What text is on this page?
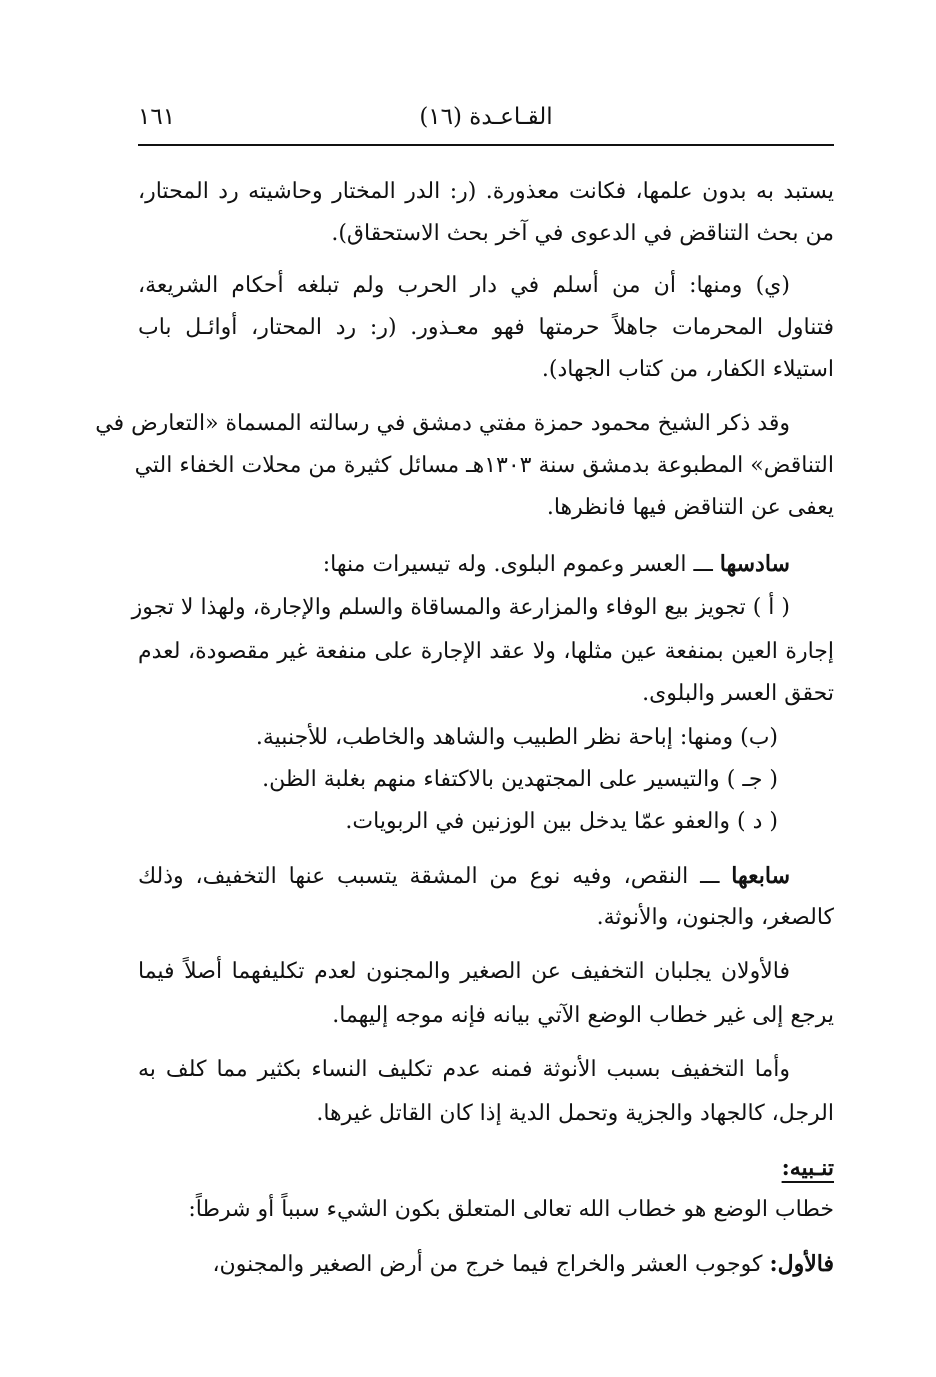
القـاعـدة (١٦)
١٦١
يستبد به بدون علمها، فكانت معذورة. (ر: الدر المختار وحاشيته رد المحتار،
من بحث التناقض في الدعوى في آخر بحث الاستحقاق).
(ي) ومنها: أن من أسلم في دار الحرب ولم تبلغه أحكام الشريعة،
فتناول المحرمات جاهلاً حرمتها فهو معـذور. (ر: رد المحتار، أوائـل باب
استيلاء الكفار، من كتاب الجهاد).
وقد ذكر الشيخ محمود حمزة مفتي دمشق في رسالته المسماة «التعارض في
التناقض» المطبوعة بدمشق سنة ١٣٠٣هـ مسائل كثيرة من محلات الخفاء التي
يعفى عن التناقض فيها فانظرها.
سادسها ـــ العسر وعموم البلوى. وله تيسيرات منها:
( أ ) تجويز بيع الوفاء والمزارعة والمساقاة والسلم والإجارة، ولهذا لا تجوز
إجارة العين بمنفعة عين مثلها، ولا عقد الإجارة على منفعة غير مقصودة، لعدم
تحقق العسر والبلوى.
(ب) ومنها: إباحة نظر الطبيب والشاهد والخاطب، للأجنبية.
( جـ ) والتيسير على المجتهدين بالاكتفاء منهم بغلبة الظن.
( د ) والعفو عمّا يدخل بين الوزنين في الربويات.
سابعها ـــ النقص، وفيه نوع من المشقة يتسبب عنها التخفيف، وذلك
كالصغر، والجنون، والأنوثة.
فالأولان يجلبان التخفيف عن الصغير والمجنون لعدم تكليفهما أصلاً فيما
يرجع إلى غير خطاب الوضع الآتي بيانه فإنه موجه إليهما.
وأما التخفيف بسبب الأنوثة فمنه عدم تكليف النساء بكثير مما كلف به
الرجل، كالجهاد والجزية وتحمل الدية إذا كان القاتل غيرها.
تنـبيه:
خطاب الوضع هو خطاب الله تعالى المتعلق بكون الشيء سبباً أو شرطاً:
فالأول: كوجوب العشر والخراج فيما خرج من أرض الصغير والمجنون،
